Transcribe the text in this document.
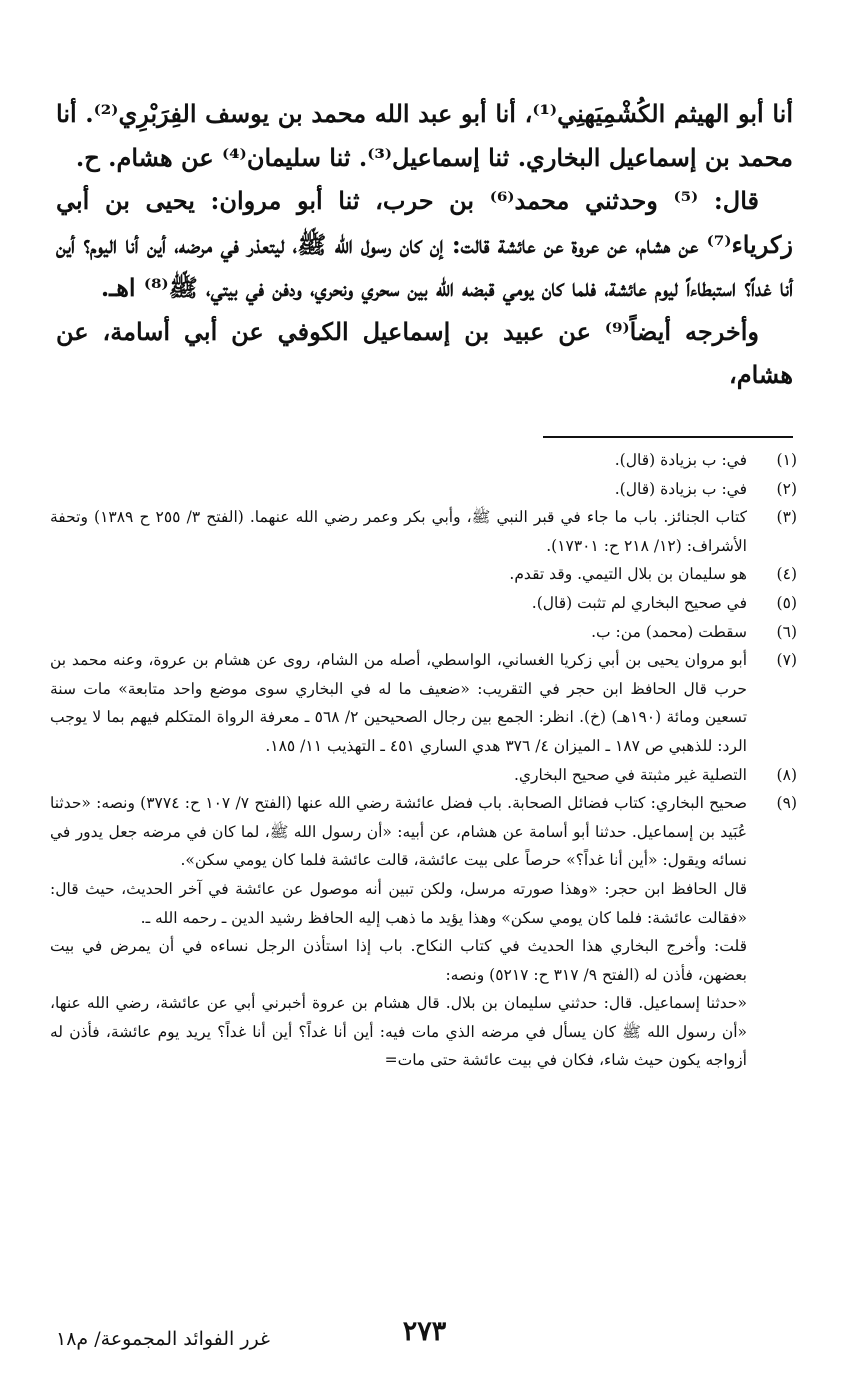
أنا أبو الهيثم الكُشْمِيَهنِي⁽¹⁾، أنا أبو عبد الله محمد بن يوسف الفِرَبْرِي⁽²⁾. أنا محمد بن إسماعيل البخاري. ثنا إسماعيل⁽³⁾. ثنا سليمان⁽⁴⁾ عن هشام. ح.

قال: ⁽⁵⁾ وحدثني محمد⁽⁶⁾ بن حرب، ثنا أبو مروان: يحيى بن أبي زكرياء⁽⁷⁾ عن هشام، عن عروة عن عائشة قالت: إن كان رسول الله ﷺ، ليتعذر في مرضه، أين أنا اليوم؟ أين أنا غداً؟ استبطاءاً ليوم عائشة، فلما كان يومي قبضه الله بين سحري ونحري، ودفن في بيتي، ﷺ⁽⁸⁾ اهـ.

وأخرجه أيضاً⁽⁹⁾ عن عبيد بن إسماعيل الكوفي عن أبي أسامة، عن هشام،

(١)

في: ب بزيادة (قال).

(٢)

في: ب بزيادة (قال).

(٣)

كتاب الجنائز. باب ما جاء في قبر النبي ﷺ، وأبي بكر وعمر رضي الله عنهما. (الفتح ٣/ ٢٥٥ ح ١٣٨٩) وتحفة الأشراف: (١٢/ ٢١٨ ح: ١٧٣٠١).

(٤)

هو سليمان بن بلال التيمي. وقد تقدم.

(٥)

في صحيح البخاري لم تثبت (قال).

(٦)

سقطت (محمد) من: ب.

(٧)

أبو مروان يحيى بن أبي زكريا الغساني، الواسطي، أصله من الشام، روى عن هشام بن عروة، وعنه محمد بن حرب قال الحافظ ابن حجر في التقريب: «ضعيف ما له في البخاري سوى موضع واحد متابعة» مات سنة تسعين ومائة (١٩٠هـ) (خ). انظر: الجمع بين رجال الصحيحين ٢/ ٥٦٨ ـ معرفة الرواة المتكلم فيهم بما لا يوجب الرد: للذهبي ص ١٨٧ ـ الميزان ٤/ ٣٧٦ هدي الساري ٤٥١ ـ التهذيب ١١/ ١٨٥.

(٨)

التصلية غير مثبتة في صحيح البخاري.

(٩)

صحيح البخاري: كتاب فضائل الصحابة. باب فضل عائشة رضي الله عنها (الفتح ٧/ ١٠٧ ح: ٣٧٧٤) ونصه: «حدثنا عُبَيد بن إسماعيل. حدثنا أبو أسامة عن هشام، عن أبيه: «أن رسول الله ﷺ، لما كان في مرضه جعل يدور في نسائه ويقول: «أين أنا غداً؟» حرصاً على بيت عائشة، قالت عائشة فلما كان يومي سكن».

قال الحافظ ابن حجر: «وهذا صورته مرسل، ولكن تبين أنه موصول عن عائشة في آخر الحديث، حيث قال: «فقالت عائشة: فلما كان يومي سكن» وهذا يؤيد ما ذهب إليه الحافظ رشيد الدين ـ رحمه الله ـ.

قلت: وأخرج البخاري هذا الحديث في كتاب النكاح. باب إذا استأذن الرجل نساءه في أن يمرض في بيت بعضهن، فأذن له (الفتح ٩/ ٣١٧ ح: ٥٢١٧) ونصه:

«حدثنا إسماعيل. قال: حدثني سليمان بن بلال. قال هشام بن عروة أخبرني أبي عن عائشة، رضي الله عنها، «أن رسول الله ﷺ كان يسأل في مرضه الذي مات فيه: أين أنا غداً؟ أين أنا غداً؟ يريد يوم عائشة، فأذن له أزواجه يكون حيث شاء، فكان في بيت عائشة حتى مات=

٢٧٣
غرر الفوائد المجموعة/ م١٨
